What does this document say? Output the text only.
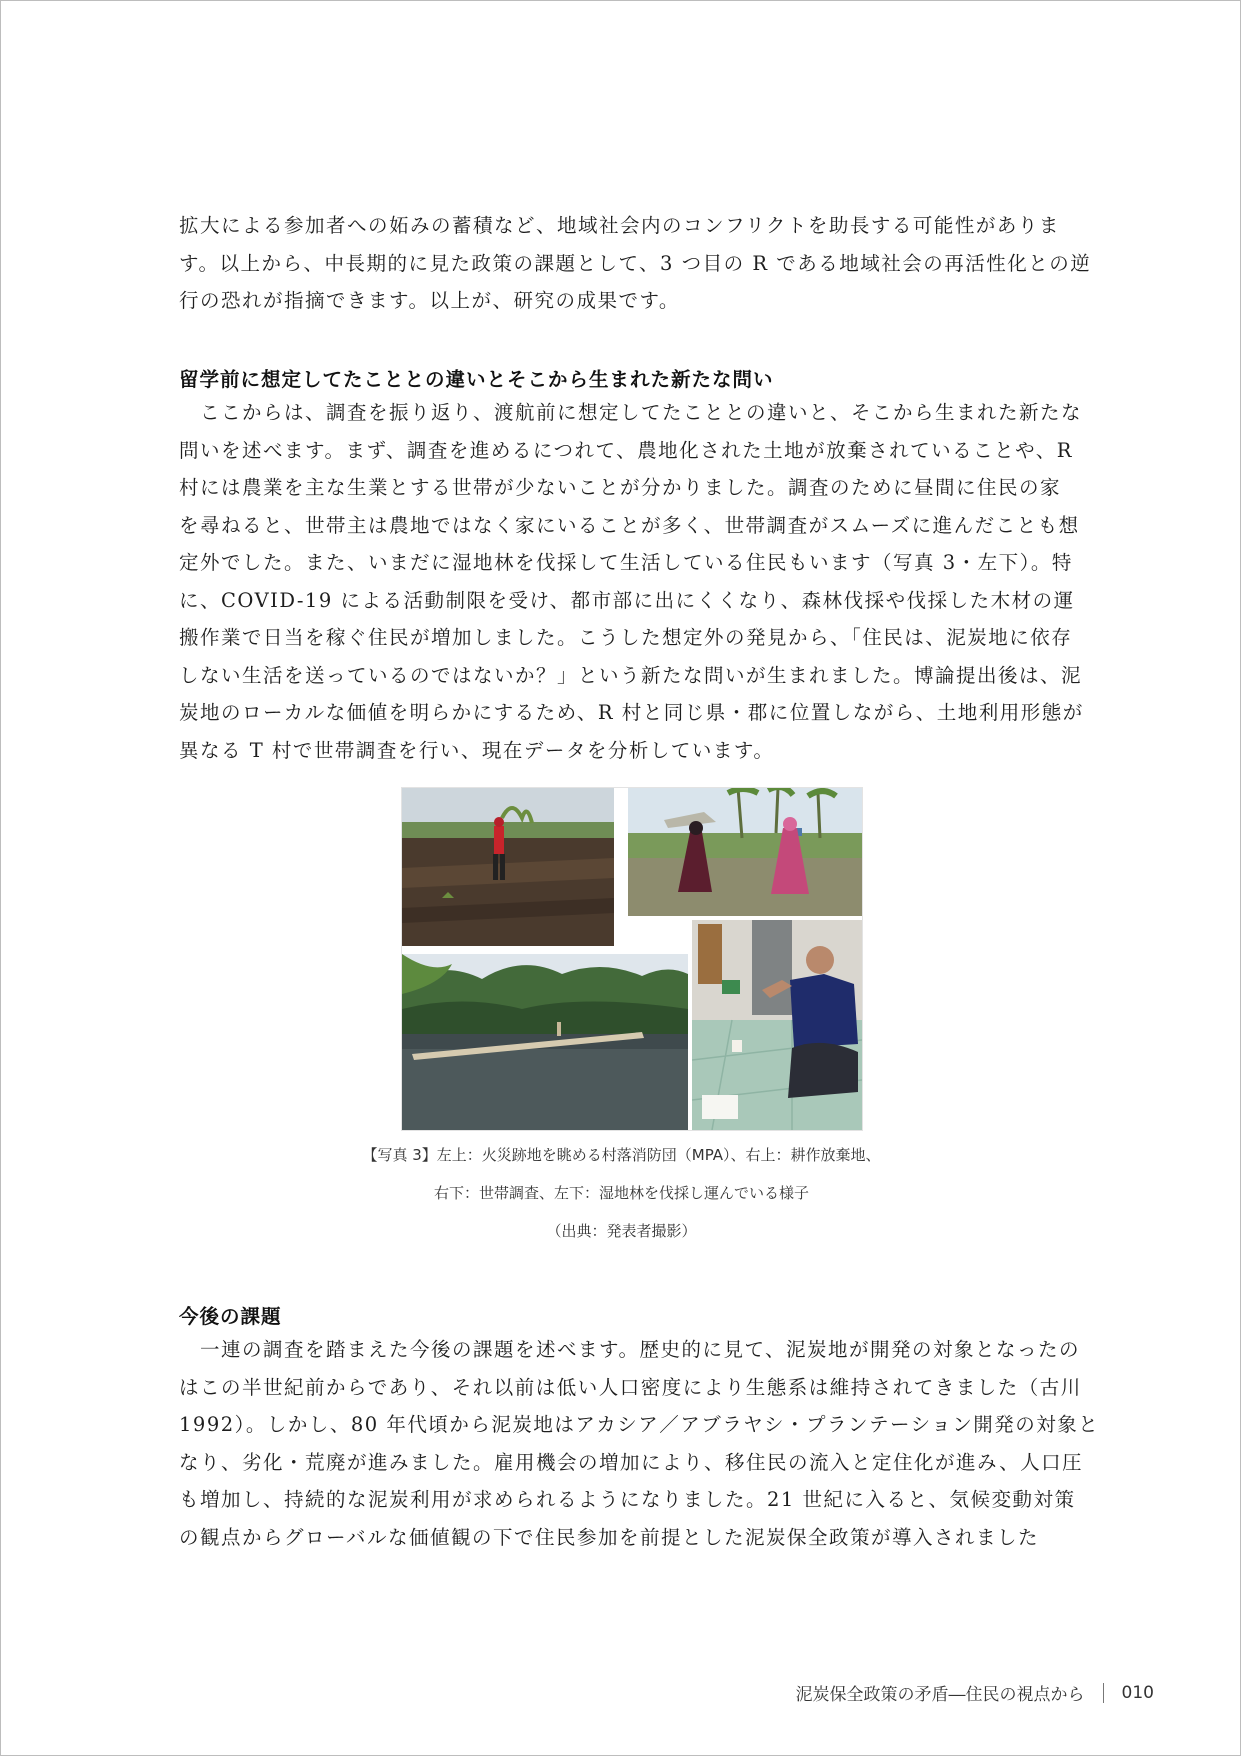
拡大による参加者への妬みの蓄積など、地域社会内のコンフリクトを助長する可能性がありま
す。以上から、中長期的に見た政策の課題として、3 つ目の R である地域社会の再活性化との逆
行の恐れが指摘できます。以上が、研究の成果です。

留学前に想定してたこととの違いとそこから生まれた新たな問い

　ここからは、調査を振り返り、渡航前に想定してたこととの違いと、そこから生まれた新たな
問いを述べます。まず、調査を進めるにつれて、農地化された土地が放棄されていることや、R
村には農業を主な生業とする世帯が少ないことが分かりました。調査のために昼間に住民の家
を尋ねると、世帯主は農地ではなく家にいることが多く、世帯調査がスムーズに進んだことも想
定外でした。また、いまだに湿地林を伐採して生活している住民もいます（写真 3・左下）。特
に、COVID-19 による活動制限を受け、都市部に出にくくなり、森林伐採や伐採した木材の運
搬作業で日当を稼ぐ住民が増加しました。こうした想定外の発見から、「住民は、泥炭地に依存
しない生活を送っているのではないか？」という新たな問いが生まれました。博論提出後は、泥
炭地のローカルな価値を明らかにするため、R 村と同じ県・郡に位置しながら、土地利用形態が
異なる T 村で世帯調査を行い、現在データを分析しています。

【写真 3】左上：火災跡地を眺める村落消防団（MPA）、右上：耕作放棄地、
右下：世帯調査、左下：湿地林を伐採し運んでいる様子
（出典：発表者撮影）
今後の課題

　一連の調査を踏まえた今後の課題を述べます。歴史的に見て、泥炭地が開発の対象となったの
はこの半世紀前からであり、それ以前は低い人口密度により生態系は維持されてきました（古川
1992）。しかし、80 年代頃から泥炭地はアカシア／アブラヤシ・プランテーション開発の対象と
なり、劣化・荒廃が進みました。雇用機会の増加により、移住民の流入と定住化が進み、人口圧
も増加し、持続的な泥炭利用が求められるようになりました。21 世紀に入ると、気候変動対策
の観点からグローバルな価値観の下で住民参加を前提とした泥炭保全政策が導入されました

泥炭保全政策の矛盾―住民の視点から 010
